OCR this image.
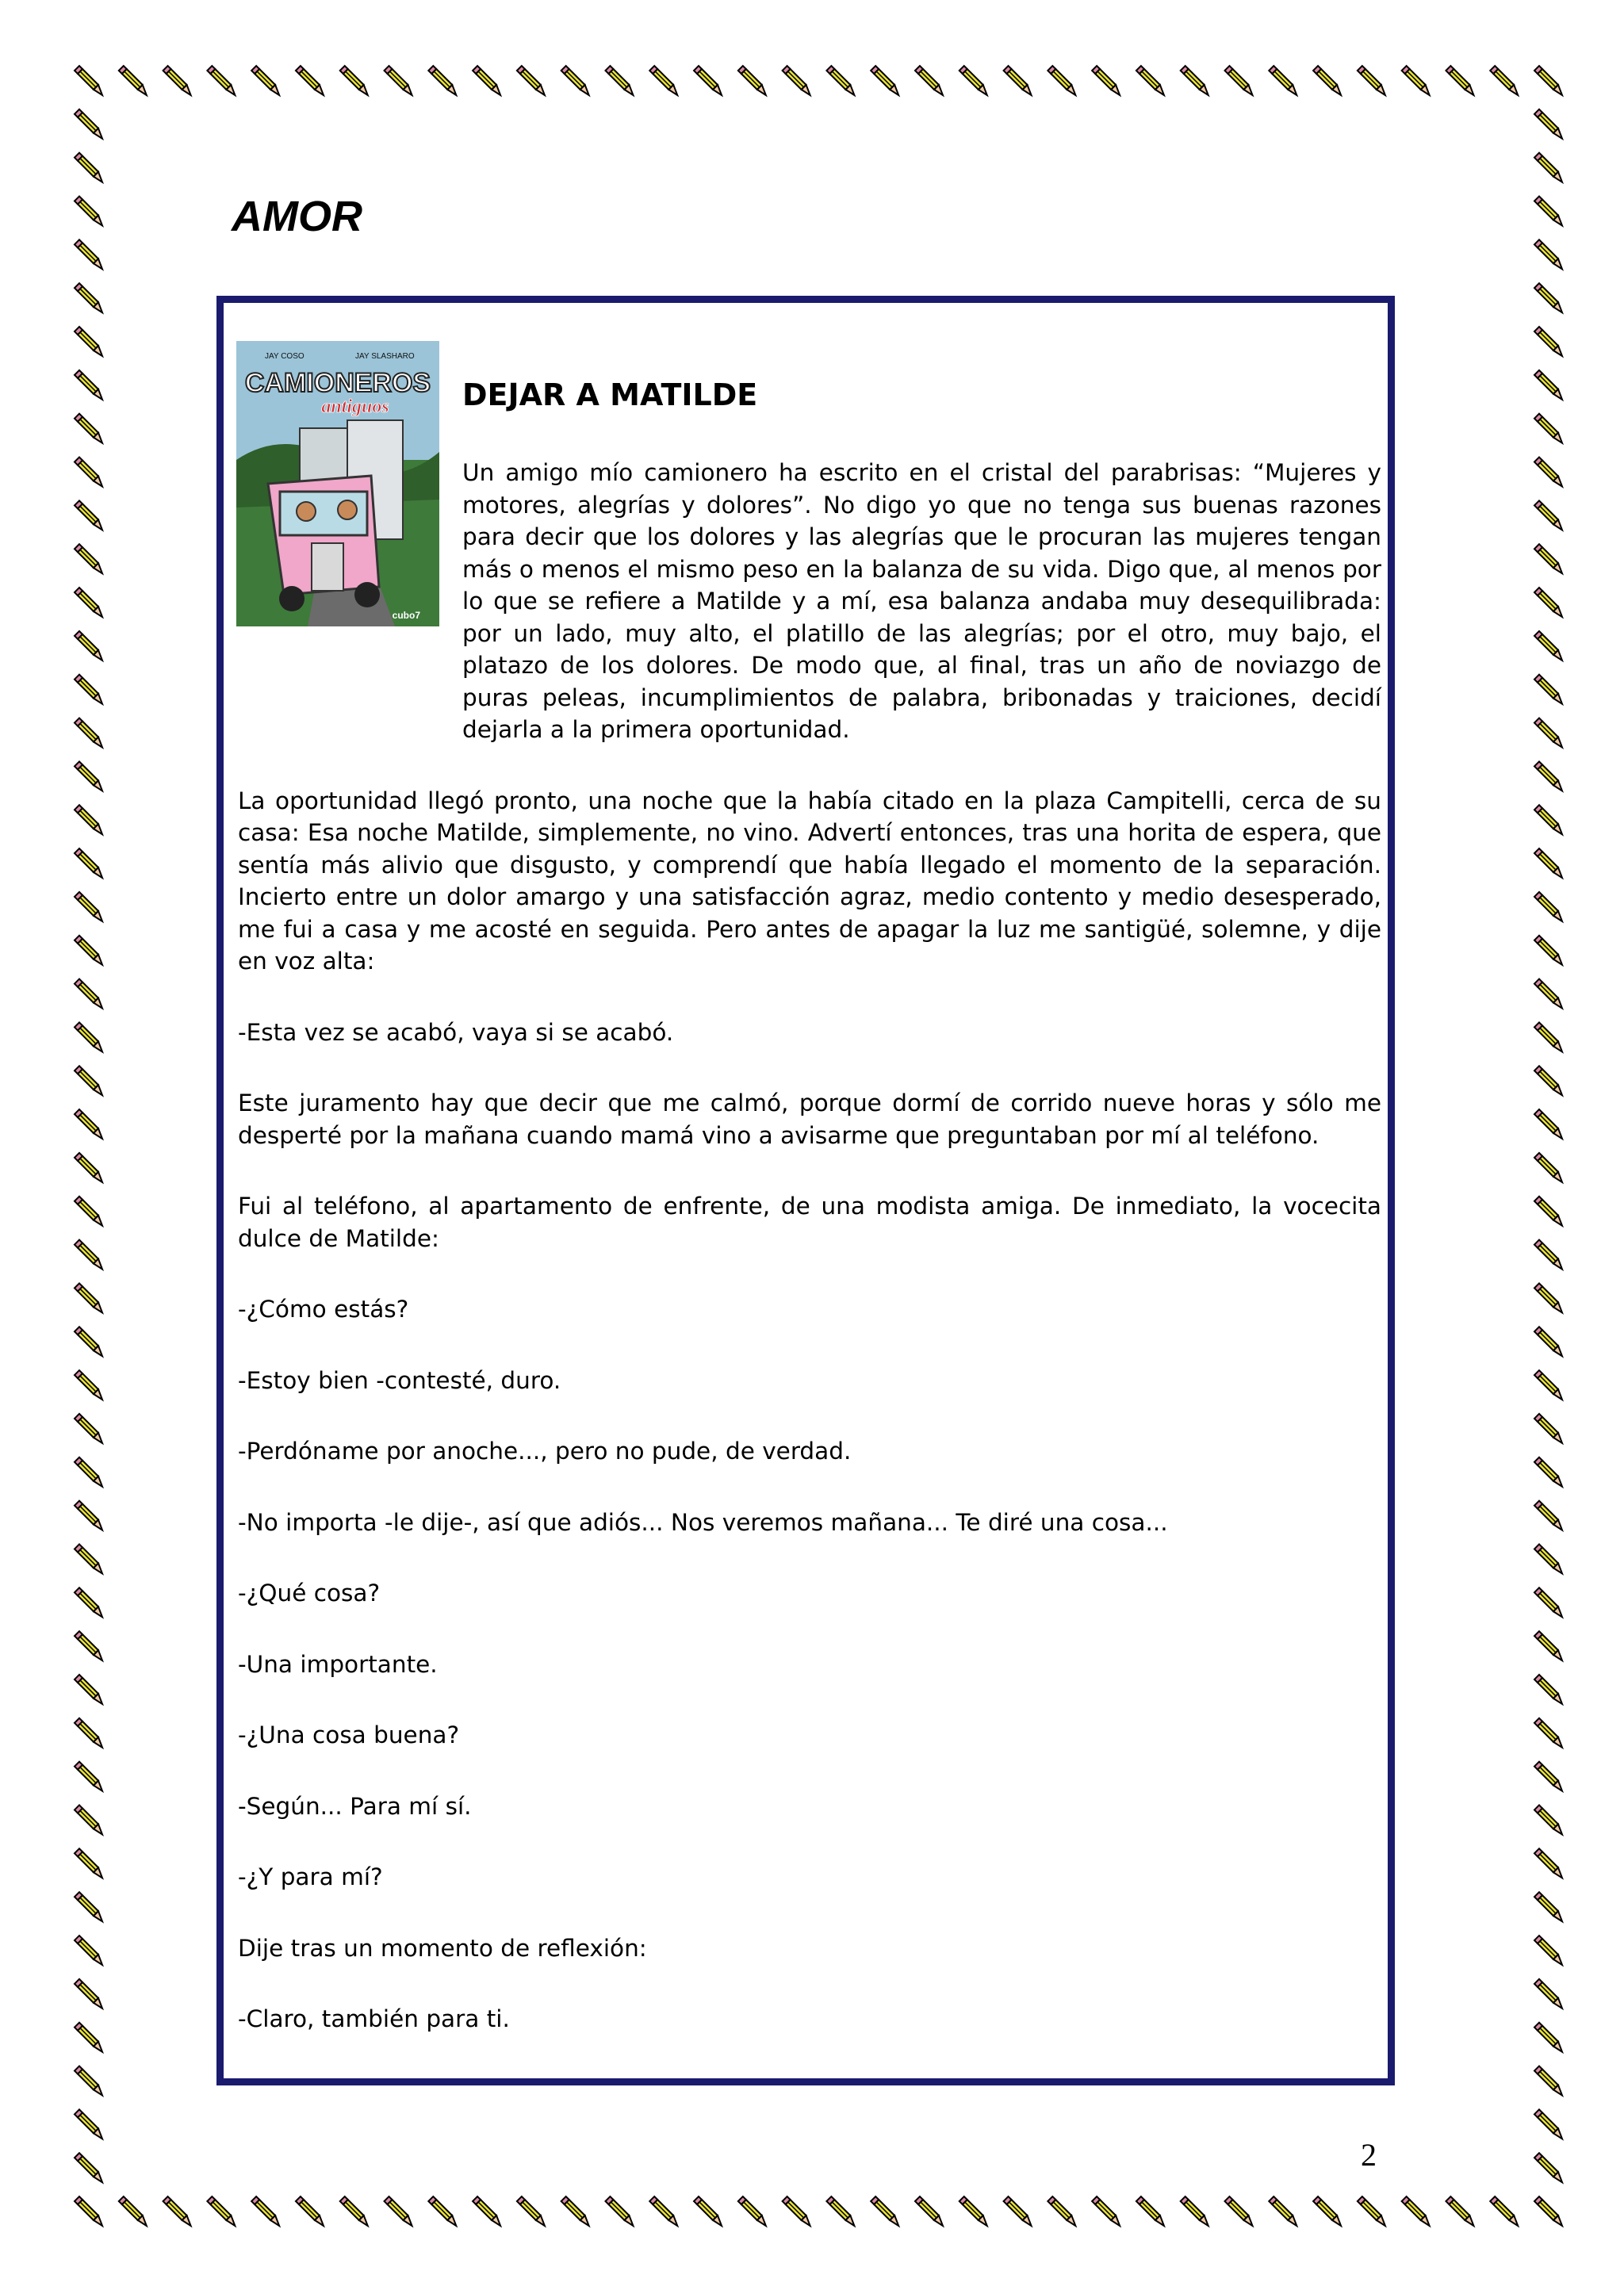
AMOR
JAY COSO	JAY SLASHARO
CAMIONEROS
antiguos
cubo7
DEJAR A MATILDE

Un amigo mío camionero ha escrito en el cristal del parabrisas: “Mujeres y motores, alegrías y dolores”. No digo yo que no tenga sus buenas razones para decir que los dolores y las alegrías que le procuran las mujeres tengan más o menos el mismo peso en la balanza de su vida. Digo que, al menos por lo que se refiere a Matilde y a mí, esa balanza andaba muy desequilibrada: por un lado, muy alto, el platillo de las alegrías; por el otro, muy bajo, el platazo de los dolores. De modo que, al final, tras un año de noviazgo de puras peleas, incumplimientos de palabra, bribonadas y traiciones, decidí dejarla a la primera oportunidad.

La oportunidad llegó pronto, una noche que la había citado en la plaza Campitelli, cerca de su casa: Esa noche Matilde, simplemente, no vino. Advertí entonces, tras una horita de espera, que sentía más alivio que disgusto, y comprendí que había llegado el momento de la separación. Incierto entre un dolor amargo y una satisfacción agraz, medio contento y medio desesperado, me fui a casa y me acosté en seguida. Pero antes de apagar la luz me santigüé, solemne, y dije en voz alta:

-Esta vez se acabó, vaya si se acabó.

Este juramento hay que decir que me calmó, porque dormí de corrido nueve horas y sólo me desperté por la mañana cuando mamá vino a avisarme que preguntaban por mí al teléfono.

Fui al teléfono, al apartamento de enfrente, de una modista amiga. De inmediato, la vocecita dulce de Matilde:

-¿Cómo estás?

-Estoy bien -contesté, duro.

-Perdóname por anoche..., pero no pude, de verdad.

-No importa -le dije-, así que adiós... Nos veremos mañana... Te diré una cosa...

-¿Qué cosa?

-Una importante.

-¿Una cosa buena?

-Según... Para mí sí.

-¿Y para mí?

Dije tras un momento de reflexión:

-Claro, también para ti.

2
